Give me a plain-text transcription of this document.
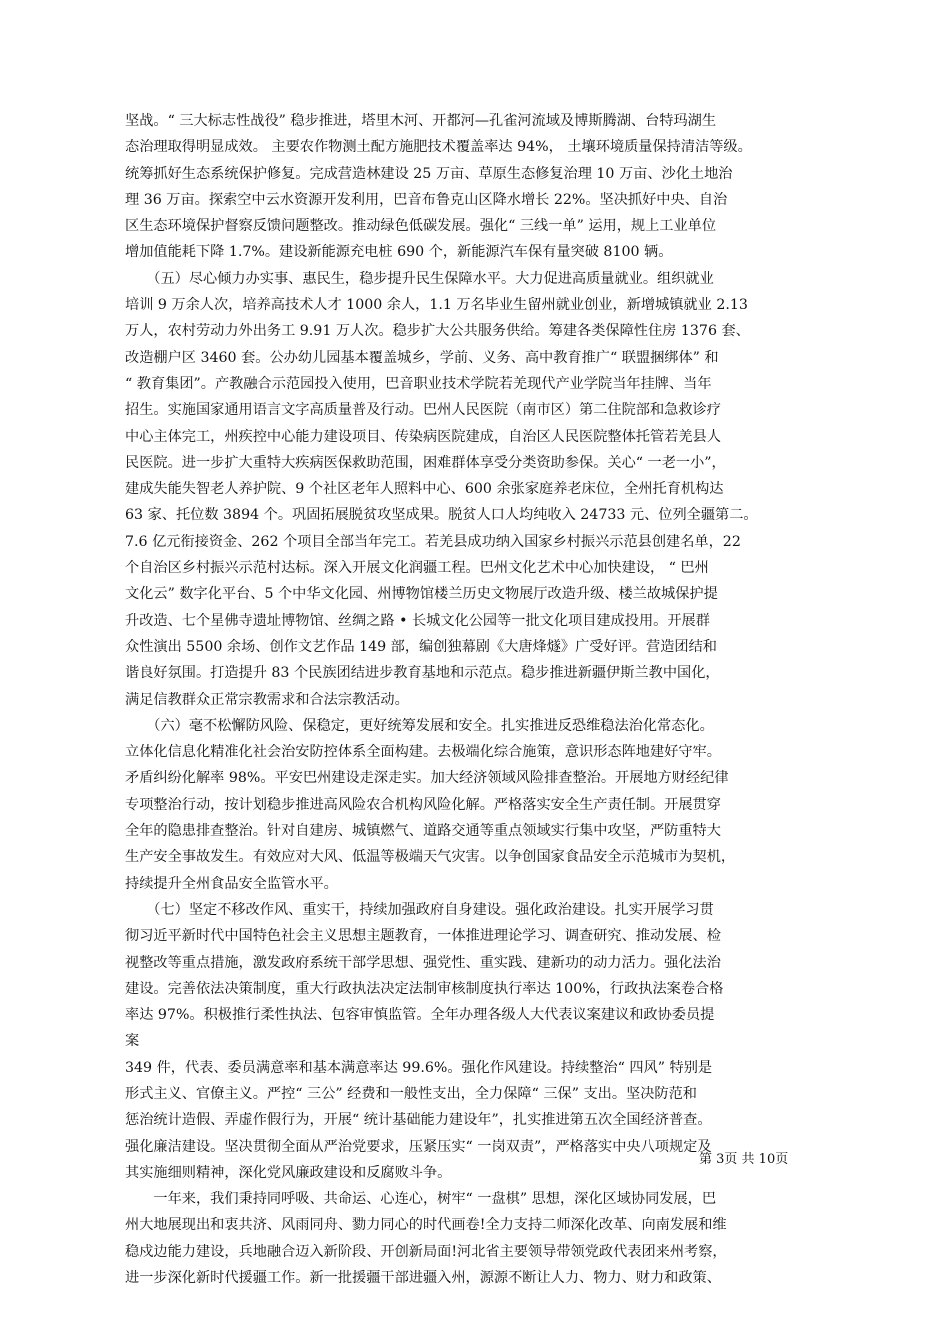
坚战。“ 三大标志性战役” 稳步推进，塔里木河、开都河—孔雀河流域及博斯腾湖、台特玛湖生
态治理取得明显成效。 主要农作物测土配方施肥技术覆盖率达 94%， 土壤环境质量保持清洁等级。
统筹抓好生态系统保护修复。完成营造林建设 25 万亩、草原生态修复治理 10 万亩、沙化土地治
理 36 万亩。探索空中云水资源开发利用，巴音布鲁克山区降水增长 22%。坚决抓好中央、自治
区生态环境保护督察反馈问题整改。推动绿色低碳发展。强化“ 三线一单” 运用，规上工业单位
增加值能耗下降 1.7%。建设新能源充电桩 690 个，新能源汽车保有量突破 8100 辆。
　　（五）尽心倾力办实事、惠民生，稳步提升民生保障水平。大力促进高质量就业。组织就业
培训 9 万余人次，培养高技术人才 1000 余人，1.1 万名毕业生留州就业创业，新增城镇就业 2.13
万人，农村劳动力外出务工 9.91 万人次。稳步扩大公共服务供给。筹建各类保障性住房 1376 套、
改造棚户区 3460 套。公办幼儿园基本覆盖城乡，学前、义务、高中教育推广“ 联盟捆绑体” 和
“ 教育集团”。产教融合示范园投入使用，巴音职业技术学院若羌现代产业学院当年挂牌、当年
招生。实施国家通用语言文字高质量普及行动。巴州人民医院（南市区）第二住院部和急救诊疗
中心主体完工，州疾控中心能力建设项目、传染病医院建成，自治区人民医院整体托管若羌县人
民医院。进一步扩大重特大疾病医保救助范围，困难群体享受分类资助参保。关心“ 一老一小”，
建成失能失智老人养护院、9 个社区老年人照料中心、600 余张家庭养老床位，全州托育机构达
63 家、托位数 3894 个。巩固拓展脱贫攻坚成果。脱贫人口人均纯收入 24733 元、位列全疆第二。
7.6 亿元衔接资金、262 个项目全部当年完工。若羌县成功纳入国家乡村振兴示范县创建名单，22
个自治区乡村振兴示范村达标。深入开展文化润疆工程。巴州文化艺术中心加快建设， “ 巴州
文化云” 数字化平台、5 个中华文化园、州博物馆楼兰历史文物展厅改造升级、楼兰故城保护提
升改造、七个星佛寺遗址博物馆、丝绸之路 • 长城文化公园等一批文化项目建成投用。开展群
众性演出 5500 余场、创作文艺作品 149 部，编创独幕剧《大唐烽燧》广受好评。营造团结和
谐良好氛围。打造提升 83 个民族团结进步教育基地和示范点。稳步推进新疆伊斯兰教中国化，
满足信教群众正常宗教需求和合法宗教活动。
　　（六）毫不松懈防风险、保稳定，更好统筹发展和安全。扎实推进反恐维稳法治化常态化。
立体化信息化精准化社会治安防控体系全面构建。去极端化综合施策，意识形态阵地建好守牢。
矛盾纠纷化解率 98%。平安巴州建设走深走实。加大经济领域风险排查整治。开展地方财经纪律
专项整治行动，按计划稳步推进高风险农合机构风险化解。严格落实安全生产责任制。开展贯穿
全年的隐患排查整治。针对自建房、城镇燃气、道路交通等重点领域实行集中攻坚，严防重特大
生产安全事故发生。有效应对大风、低温等极端天气灾害。以争创国家食品安全示范城市为契机，
持续提升全州食品安全监管水平。
　　（七）坚定不移改作风、重实干，持续加强政府自身建设。强化政治建设。扎实开展学习贯
彻习近平新时代中国特色社会主义思想主题教育，一体推进理论学习、调查研究、推动发展、检
视整改等重点措施，激发政府系统干部学思想、强党性、重实践、建新功的动力活力。强化法治
建设。完善依法决策制度，重大行政执法决定法制审核制度执行率达 100%，行政执法案卷合格
率达 97%。积极推行柔性执法、包容审慎监管。全年办理各级人大代表议案建议和政协委员提
案
349 件，代表、委员满意率和基本满意率达 99.6%。强化作风建设。持续整治“ 四风” 特别是
形式主义、官僚主义。严控“ 三公” 经费和一般性支出，全力保障“ 三保” 支出。坚决防范和
惩治统计造假、弄虚作假行为，开展“ 统计基础能力建设年”，扎实推进第五次全国经济普查。
强化廉洁建设。坚决贯彻全面从严治党要求，压紧压实“ 一岗双责”，严格落实中央八项规定及
其实施细则精神，深化党风廉政建设和反腐败斗争。
　　一年来，我们秉持同呼吸、共命运、心连心，树牢“ 一盘棋” 思想，深化区域协同发展，巴
州大地展现出和衷共济、风雨同舟、勠力同心的时代画卷!全力支持二师深化改革、向南发展和维
稳戍边能力建设，兵地融合迈入新阶段、开创新局面!河北省主要领导带领党政代表团来州考察，
进一步深化新时代援疆工作。新一批援疆干部进疆入州，源源不断让人力、物力、财力和政策、
第 3页 共 10页
